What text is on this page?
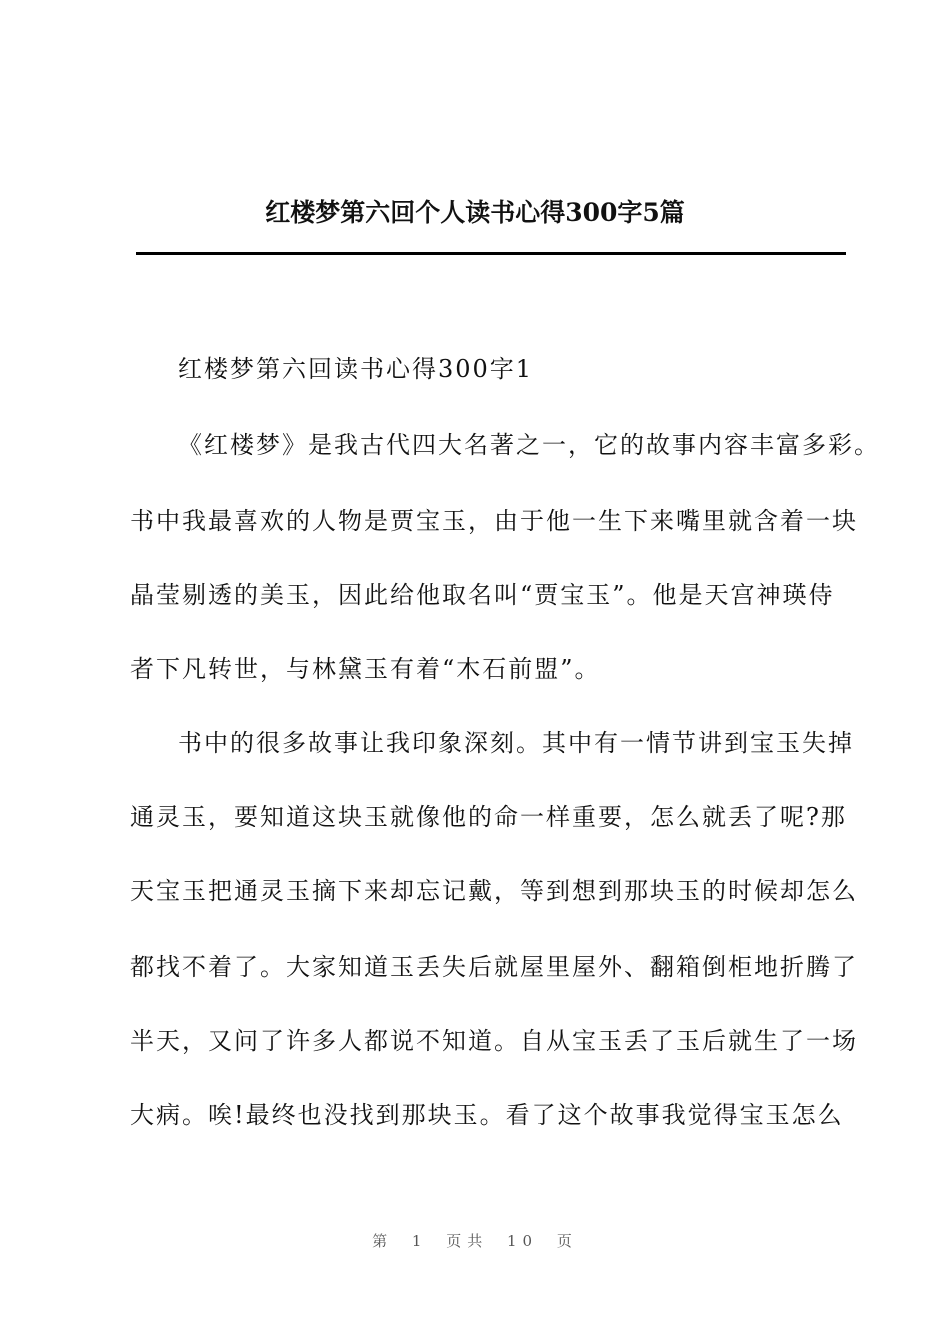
红楼梦第六回个人读书心得300字5篇
红楼梦第六回读书心得300字1
《红楼梦》是我古代四大名著之一，它的故事内容丰富多彩。
书中我最喜欢的人物是贾宝玉，由于他一生下来嘴里就含着一块
晶莹剔透的美玉，因此给他取名叫“贾宝玉”。他是天宫神瑛侍
者下凡转世，与林黛玉有着“木石前盟”。
书中的很多故事让我印象深刻。其中有一情节讲到宝玉失掉
通灵玉，要知道这块玉就像他的命一样重要，怎么就丢了呢?那
天宝玉把通灵玉摘下来却忘记戴，等到想到那块玉的时候却怎么
都找不着了。大家知道玉丢失后就屋里屋外、翻箱倒柜地折腾了
半天，又问了许多人都说不知道。自从宝玉丢了玉后就生了一场
大病。唉!最终也没找到那块玉。看了这个故事我觉得宝玉怎么
第 1 页共 10 页
